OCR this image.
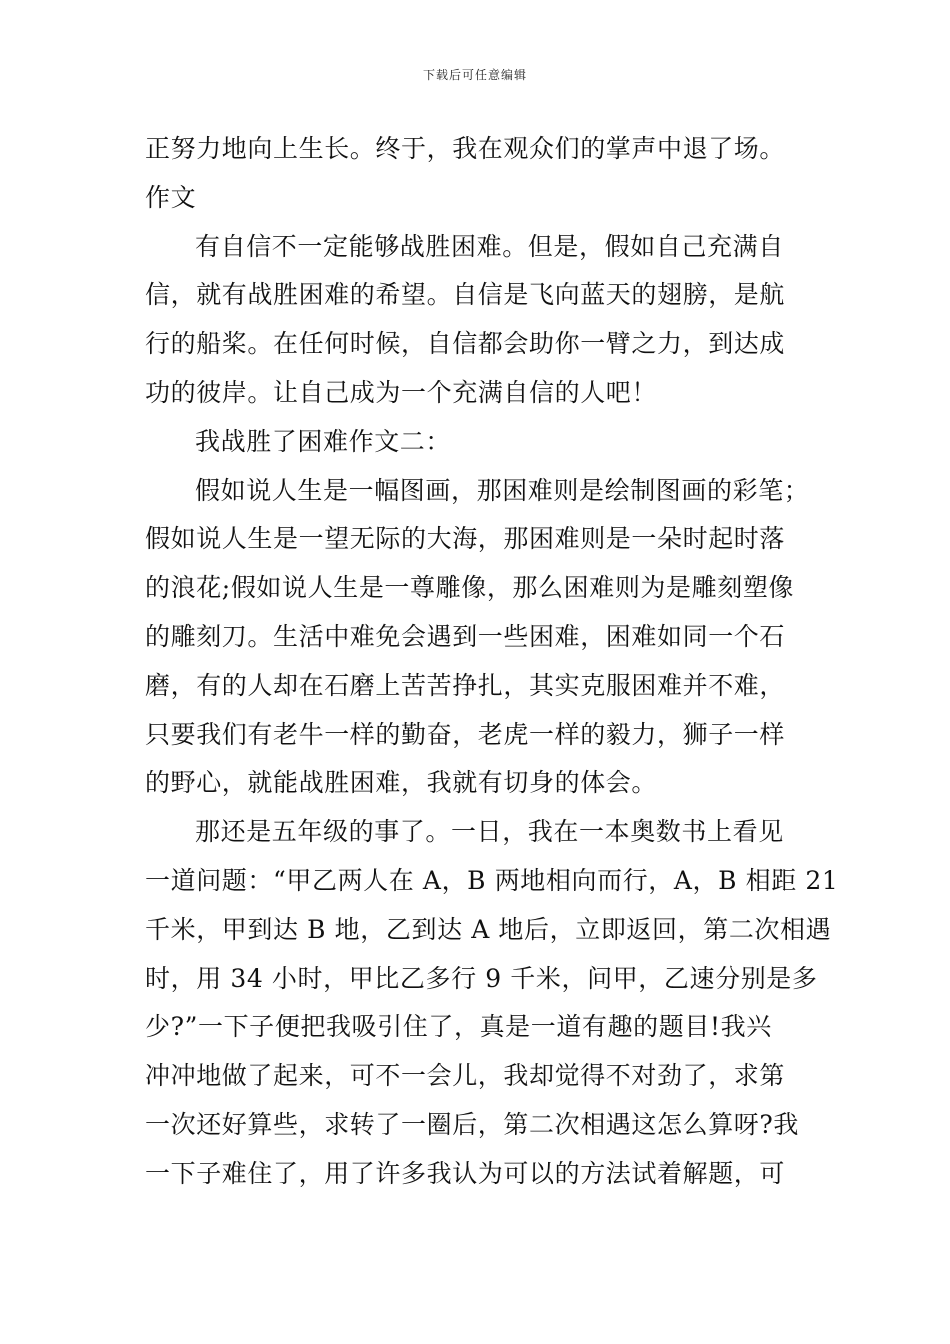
下载后可任意编辑

正努力地向上生长。终于，我在观众们的掌声中退了场。
作文

有自信不一定能够战胜困难。但是，假如自己充满自
信，就有战胜困难的希望。自信是飞向蓝天的翅膀，是航
行的船桨。在任何时候，自信都会助你一臂之力，到达成
功的彼岸。让自己成为一个充满自信的人吧！

我战胜了困难作文二：

假如说人生是一幅图画，那困难则是绘制图画的彩笔；
假如说人生是一望无际的大海，那困难则是一朵时起时落
的浪花;假如说人生是一尊雕像，那么困难则为是雕刻塑像
的雕刻刀。生活中难免会遇到一些困难，困难如同一个石
磨，有的人却在石磨上苦苦挣扎，其实克服困难并不难，
只要我们有老牛一样的勤奋，老虎一样的毅力，狮子一样
的野心，就能战胜困难，我就有切身的体会。

那还是五年级的事了。一日，我在一本奥数书上看见
一道问题：“甲乙两人在 A，B 两地相向而行，A，B 相距 21
千米，甲到达 B 地，乙到达 A 地后，立即返回，第二次相遇
时，用 34 小时，甲比乙多行 9 千米，问甲，乙速分别是多
少?”一下子便把我吸引住了，真是一道有趣的题目!我兴
冲冲地做了起来，可不一会儿，我却觉得不对劲了，求第
一次还好算些，求转了一圈后，第二次相遇这怎么算呀?我
一下子难住了，用了许多我认为可以的方法试着解题，可
